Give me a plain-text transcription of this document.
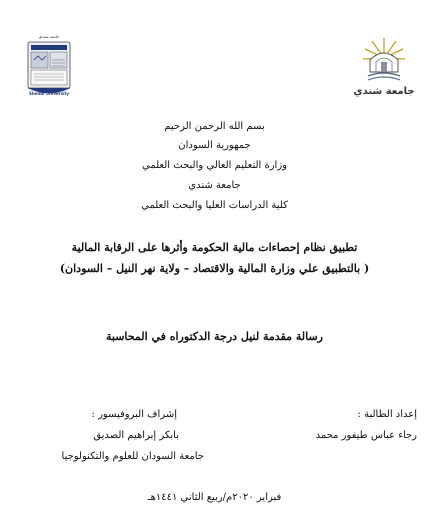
جامعة شندي
Shendi University	جامعة شندي
بسم الله الرحمن الرحيم
جمهورية السودان
وزارة التعليم العالي والبحث العلمي
جامعة شندي
كلية الدراسات العليا والبحث العلمي
تطبيق نظام إحصاءات مالية الحكومة وأثرها على الرقابة المالية
( بالتطبيق علي وزارة المالية والاقتصاد – ولاية نهر النيل – السودان)
رسالة مقدمة لنيل درجة الدكتوراه في المحاسبة
إعداد الطالبة :
رجاء عباس طيفور محمد
إشراف البروفيسور :
بابكر إبراهيم الصديق
جامعة السودان للعلوم والتكنولوجيا
فبراير ٢٠٢٠م/ربيع الثاني ١٤٤١هـ
